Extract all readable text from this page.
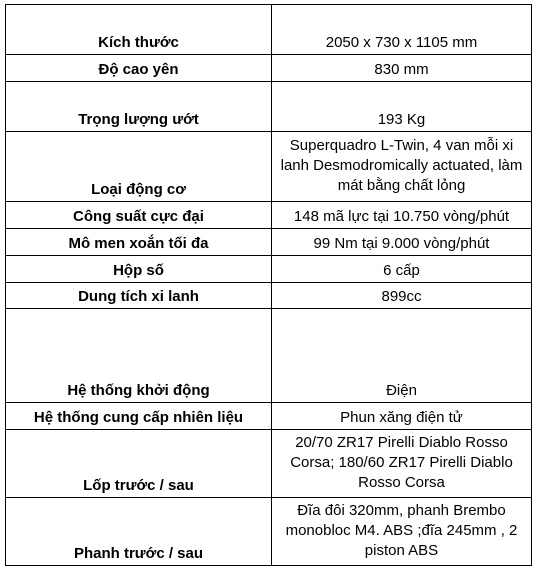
Kích thước	2050 x 730 x 1105 mm
Độ cao yên	830 mm
Trọng lượng ướt	193 Kg
Loại động cơ	Superquadro L-Twin, 4 van mỗi xi lanh Desmodromically actuated, làm mát bằng chất lỏng
Công suất cực đại	148 mã lực tại 10.750 vòng/phút
Mô men xoắn tối đa	99 Nm tại 9.000 vòng/phút
Hộp số	6 cấp
Dung tích xi lanh	899cc
Hệ thống khởi động	Điện
Hệ thống cung cấp nhiên liệu	Phun xăng điện tử
Lốp trước / sau	20/70 ZR17 Pirelli Diablo Rosso Corsa; 180/60 ZR17 Pirelli Diablo Rosso Corsa
Phanh trước / sau	Đĩa đôi 320mm, phanh Brembo monobloc M4. ABS ;đĩa 245mm , 2 piston ABS
